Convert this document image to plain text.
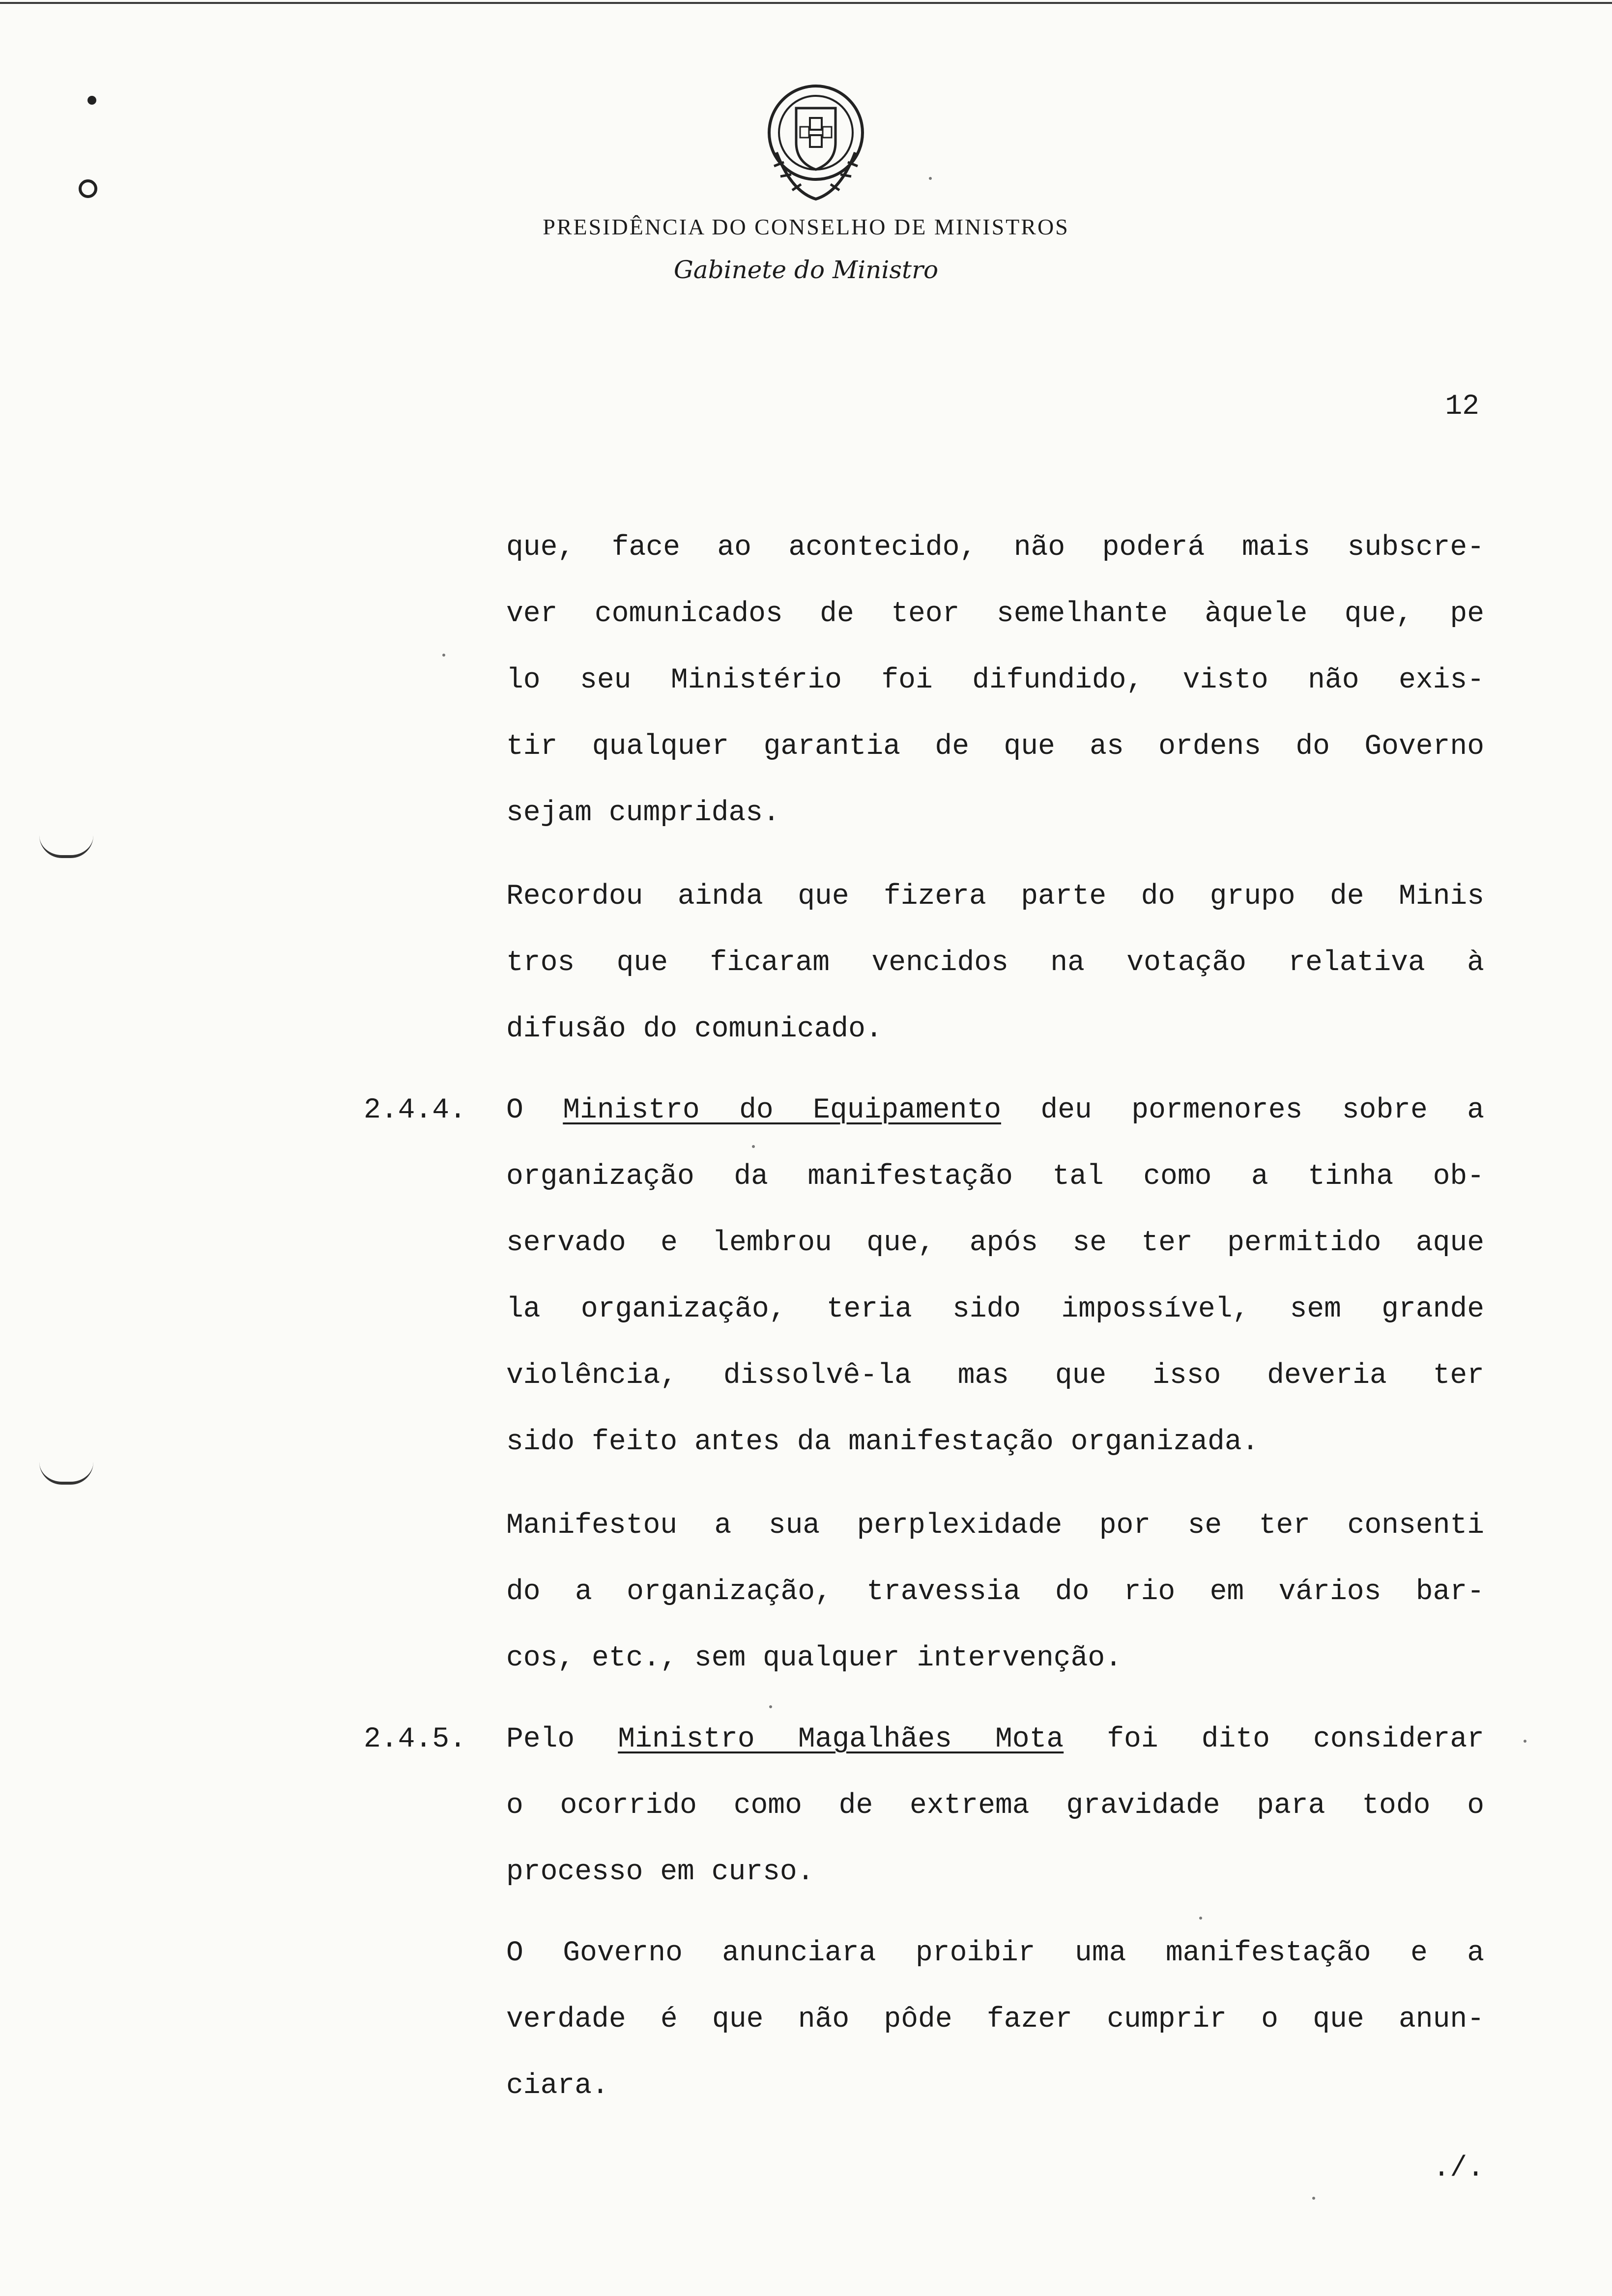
PRESIDÊNCIA DO CONSELHO DE MINISTROS
Gabinete do Ministro
12
que, face ao acontecido, não poderá mais subscre-
ver comunicados de teor semelhante àquele que, pe
lo seu Ministério foi difundido, visto não exis-
tir qualquer garantia de que as ordens do Governo
sejam cumpridas.
Recordou ainda que fizera parte do grupo de Minis
tros que ficaram vencidos na votação relativa à
difusão do comunicado.
2.4.4. O Ministro do Equipamento deu pormenores sobre a
organização da manifestação tal como a tinha ob-
servado e lembrou que, após se ter permitido aque
la organização, teria sido impossível, sem grande
violência, dissolvê-la mas que isso deveria ter
sido feito antes da manifestação organizada.
Manifestou a sua perplexidade por se ter consenti
do a organização, travessia do rio em vários bar-
cos, etc., sem qualquer intervenção.
2.4.5. Pelo Ministro Magalhães Mota foi dito considerar
o ocorrido como de extrema gravidade para todo o
processo em curso.
O Governo anunciara proibir uma manifestação e a
verdade é que não pôde fazer cumprir o que anun-
ciara.
./.
